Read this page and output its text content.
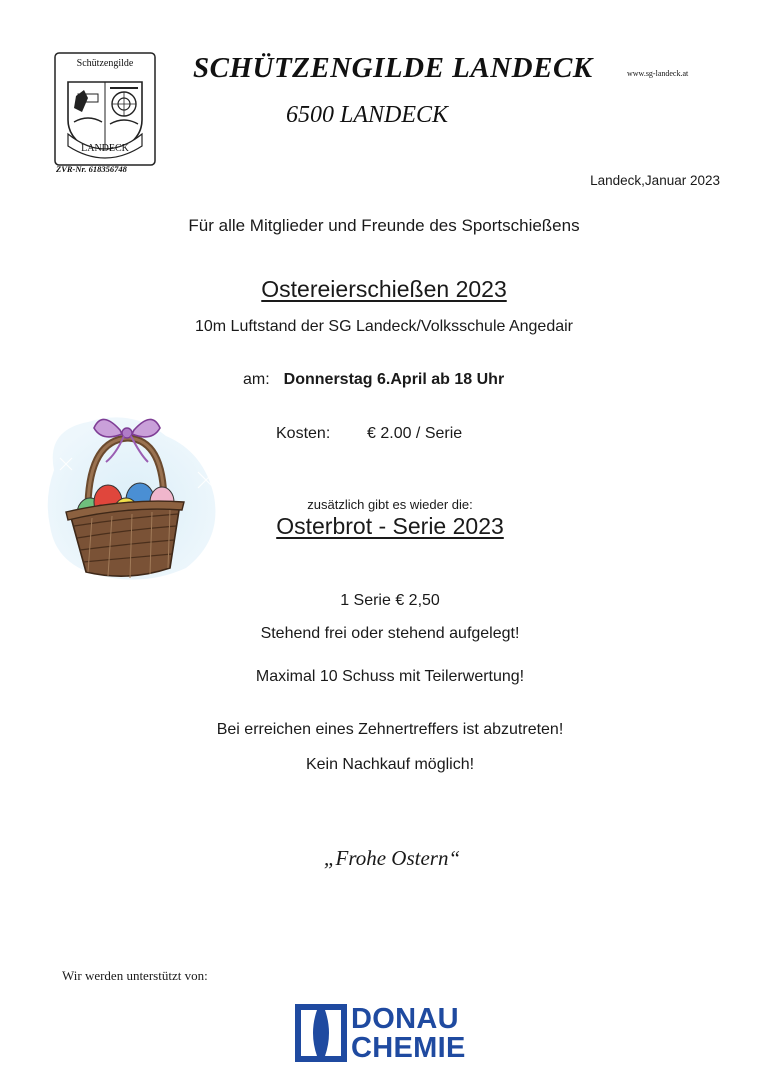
Schützengilde
LANDECK
ZVR-Nr. 618356748
SCHÜTZENGILDE LANDECK	www.sg-landeck.at
6500 LANDECK
Landeck,Januar 2023
Für alle Mitglieder und Freunde des Sportschießens
Ostereierschießen 2023
10m Luftstand der SG Landeck/Volksschule Angedair
am: Donnerstag 6.April ab 18 Uhr
Kosten: € 2.00 / Serie
zusätzlich gibt es wieder die:
Osterbrot - Serie 2023
1 Serie € 2,50
Stehend frei oder stehend aufgelegt!
Maximal 10 Schuss mit Teilerwertung!
Bei erreichen eines Zehnertreffers ist abzutreten!
Kein Nachkauf möglich!
„Frohe Ostern“
Wir werden unterstützt von:
DONAU
CHEMIE
